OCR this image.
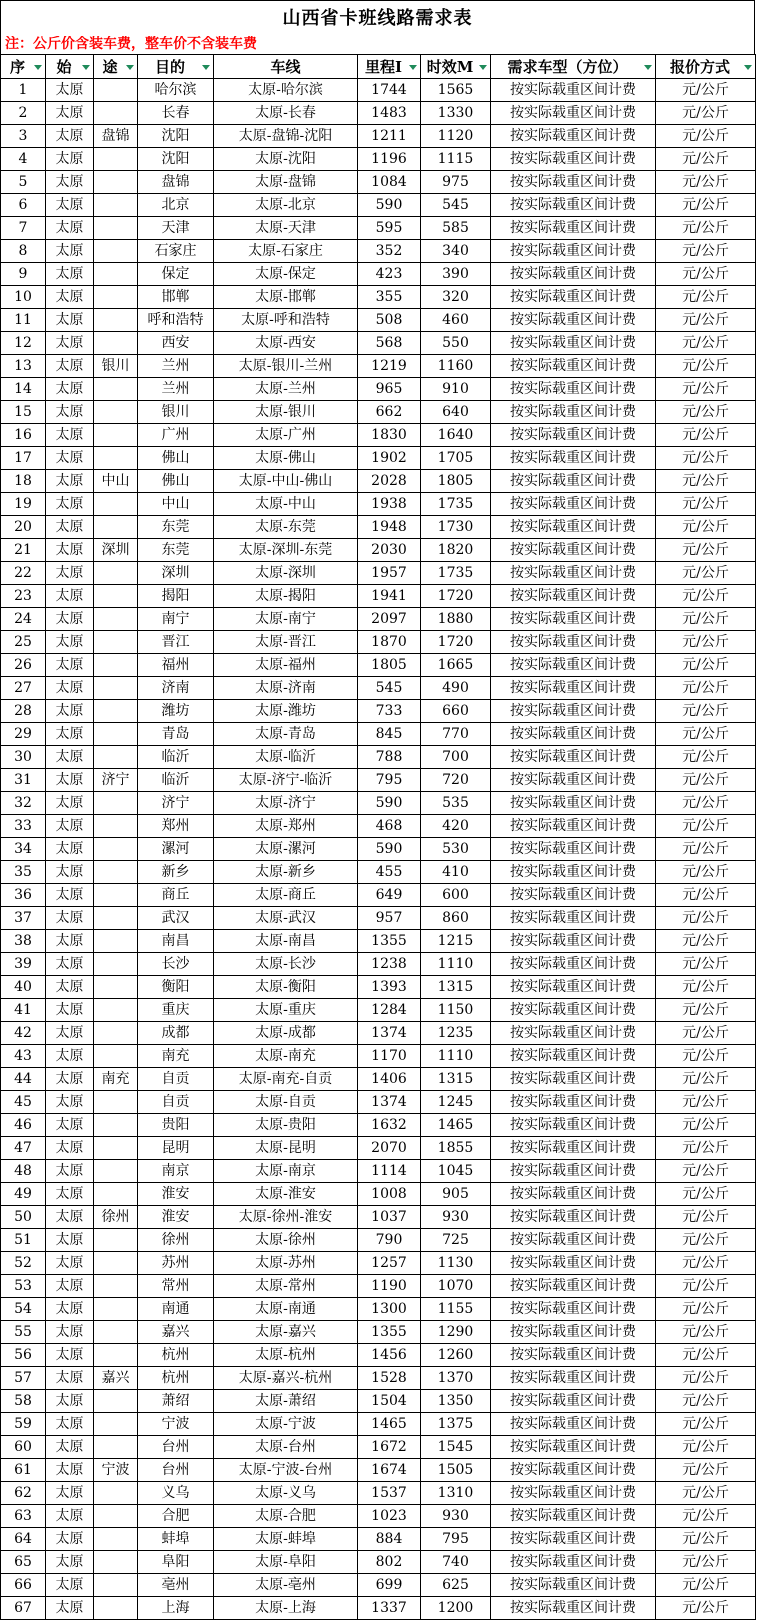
山西省卡班线路需求表
注：公斤价含装车费，整车价不含装车费
序	始	途	目的	车线	里程I	时效M	需求车型（方位）	报价方式

1	太原		哈尔滨	太原-哈尔滨	1744	1565	按实际载重区间计费	元/公斤
2	太原		长春	太原-长春	1483	1330	按实际载重区间计费	元/公斤
3	太原	盘锦	沈阳	太原-盘锦-沈阳	1211	1120	按实际载重区间计费	元/公斤
4	太原		沈阳	太原-沈阳	1196	1115	按实际载重区间计费	元/公斤
5	太原		盘锦	太原-盘锦	1084	975	按实际载重区间计费	元/公斤
6	太原		北京	太原-北京	590	545	按实际载重区间计费	元/公斤
7	太原		天津	太原-天津	595	585	按实际载重区间计费	元/公斤
8	太原		石家庄	太原-石家庄	352	340	按实际载重区间计费	元/公斤
9	太原		保定	太原-保定	423	390	按实际载重区间计费	元/公斤
10	太原		邯郸	太原-邯郸	355	320	按实际载重区间计费	元/公斤
11	太原		呼和浩特	太原-呼和浩特	508	460	按实际载重区间计费	元/公斤
12	太原		西安	太原-西安	568	550	按实际载重区间计费	元/公斤
13	太原	银川	兰州	太原-银川-兰州	1219	1160	按实际载重区间计费	元/公斤
14	太原		兰州	太原-兰州	965	910	按实际载重区间计费	元/公斤
15	太原		银川	太原-银川	662	640	按实际载重区间计费	元/公斤
16	太原		广州	太原-广州	1830	1640	按实际载重区间计费	元/公斤
17	太原		佛山	太原-佛山	1902	1705	按实际载重区间计费	元/公斤
18	太原	中山	佛山	太原-中山-佛山	2028	1805	按实际载重区间计费	元/公斤
19	太原		中山	太原-中山	1938	1735	按实际载重区间计费	元/公斤
20	太原		东莞	太原-东莞	1948	1730	按实际载重区间计费	元/公斤
21	太原	深圳	东莞	太原-深圳-东莞	2030	1820	按实际载重区间计费	元/公斤
22	太原		深圳	太原-深圳	1957	1735	按实际载重区间计费	元/公斤
23	太原		揭阳	太原-揭阳	1941	1720	按实际载重区间计费	元/公斤
24	太原		南宁	太原-南宁	2097	1880	按实际载重区间计费	元/公斤
25	太原		晋江	太原-晋江	1870	1720	按实际载重区间计费	元/公斤
26	太原		福州	太原-福州	1805	1665	按实际载重区间计费	元/公斤
27	太原		济南	太原-济南	545	490	按实际载重区间计费	元/公斤
28	太原		潍坊	太原-潍坊	733	660	按实际载重区间计费	元/公斤
29	太原		青岛	太原-青岛	845	770	按实际载重区间计费	元/公斤
30	太原		临沂	太原-临沂	788	700	按实际载重区间计费	元/公斤
31	太原	济宁	临沂	太原-济宁-临沂	795	720	按实际载重区间计费	元/公斤
32	太原		济宁	太原-济宁	590	535	按实际载重区间计费	元/公斤
33	太原		郑州	太原-郑州	468	420	按实际载重区间计费	元/公斤
34	太原		漯河	太原-漯河	590	530	按实际载重区间计费	元/公斤
35	太原		新乡	太原-新乡	455	410	按实际载重区间计费	元/公斤
36	太原		商丘	太原-商丘	649	600	按实际载重区间计费	元/公斤
37	太原		武汉	太原-武汉	957	860	按实际载重区间计费	元/公斤
38	太原		南昌	太原-南昌	1355	1215	按实际载重区间计费	元/公斤
39	太原		长沙	太原-长沙	1238	1110	按实际载重区间计费	元/公斤
40	太原		衡阳	太原-衡阳	1393	1315	按实际载重区间计费	元/公斤
41	太原		重庆	太原-重庆	1284	1150	按实际载重区间计费	元/公斤
42	太原		成都	太原-成都	1374	1235	按实际载重区间计费	元/公斤
43	太原		南充	太原-南充	1170	1110	按实际载重区间计费	元/公斤
44	太原	南充	自贡	太原-南充-自贡	1406	1315	按实际载重区间计费	元/公斤
45	太原		自贡	太原-自贡	1374	1245	按实际载重区间计费	元/公斤
46	太原		贵阳	太原-贵阳	1632	1465	按实际载重区间计费	元/公斤
47	太原		昆明	太原-昆明	2070	1855	按实际载重区间计费	元/公斤
48	太原		南京	太原-南京	1114	1045	按实际载重区间计费	元/公斤
49	太原		淮安	太原-淮安	1008	905	按实际载重区间计费	元/公斤
50	太原	徐州	淮安	太原-徐州-淮安	1037	930	按实际载重区间计费	元/公斤
51	太原		徐州	太原-徐州	790	725	按实际载重区间计费	元/公斤
52	太原		苏州	太原-苏州	1257	1130	按实际载重区间计费	元/公斤
53	太原		常州	太原-常州	1190	1070	按实际载重区间计费	元/公斤
54	太原		南通	太原-南通	1300	1155	按实际载重区间计费	元/公斤
55	太原		嘉兴	太原-嘉兴	1355	1290	按实际载重区间计费	元/公斤
56	太原		杭州	太原-杭州	1456	1260	按实际载重区间计费	元/公斤
57	太原	嘉兴	杭州	太原-嘉兴-杭州	1528	1370	按实际载重区间计费	元/公斤
58	太原		萧绍	太原-萧绍	1504	1350	按实际载重区间计费	元/公斤
59	太原		宁波	太原-宁波	1465	1375	按实际载重区间计费	元/公斤
60	太原		台州	太原-台州	1672	1545	按实际载重区间计费	元/公斤
61	太原	宁波	台州	太原-宁波-台州	1674	1505	按实际载重区间计费	元/公斤
62	太原		义乌	太原-义乌	1537	1310	按实际载重区间计费	元/公斤
63	太原		合肥	太原-合肥	1023	930	按实际载重区间计费	元/公斤
64	太原		蚌埠	太原-蚌埠	884	795	按实际载重区间计费	元/公斤
65	太原		阜阳	太原-阜阳	802	740	按实际载重区间计费	元/公斤
66	太原		亳州	太原-亳州	699	625	按实际载重区间计费	元/公斤
67	太原		上海	太原-上海	1337	1200	按实际载重区间计费	元/公斤
